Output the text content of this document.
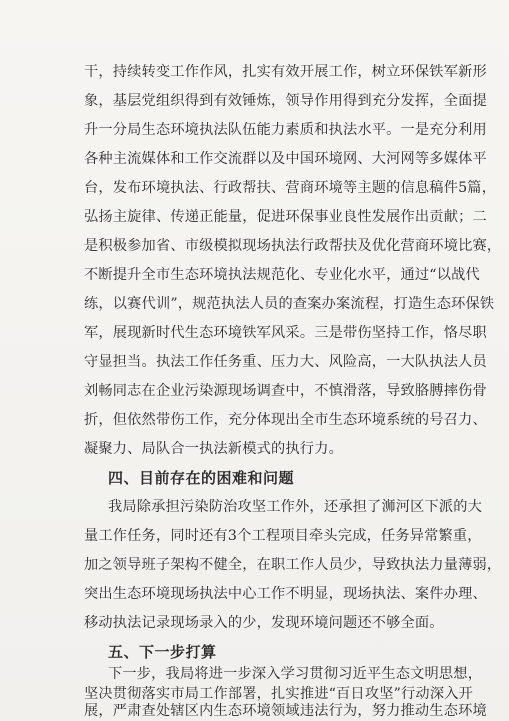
干，持续转变工作作风，扎实有效开展工作，树立环保铁军新形
象，基层党组织得到有效锤炼，领导作用得到充分发挥，全面提
升一分局生态环境执法队伍能力素质和执法水平。一是充分利用
各种主流媒体和工作交流群以及中国环境网、大河网等多媒体平
台，发布环境执法、行政帮扶、营商环境等主题的信息稿件5篇，
弘扬主旋律、传递正能量，促进环保事业良性发展作出贡献；二
是积极参加省、市级模拟现场执法行政帮扶及优化营商环境比赛，
不断提升全市生态环境执法规范化、专业化水平，通过“以战代
练，以赛代训”，规范执法人员的查案办案流程，打造生态环保铁
军，展现新时代生态环境铁军风采。三是带伤坚持工作，恪尽职
守显担当。执法工作任务重、压力大、风险高，一大队执法人员
刘畅同志在企业污染源现场调查中，不慎滑落，导致胳膊摔伤骨
折，但依然带伤工作，充分体现出全市生态环境系统的号召力、
凝聚力、局队合一执法新模式的执行力。
四、目前存在的困难和问题
我局除承担污染防治攻坚工作外，还承担了浉河区下派的大
量工作任务，同时还有3个工程项目牵头完成，任务异常繁重，
加之领导班子架构不健全，在职工作人员少，导致执法力量薄弱，
突出生态环境现场执法中心工作不明显，现场执法、案件办理、
移动执法记录现场录入的少，发现环境问题还不够全面。
五、下一步打算
下一步，我局将进一步深入学习贯彻习近平生态文明思想，
坚决贯彻落实市局工作部署，扎实推进“百日攻坚”行动深入开
展，严肃查处辖区内生态环境领域违法行为，努力推动生态环境
